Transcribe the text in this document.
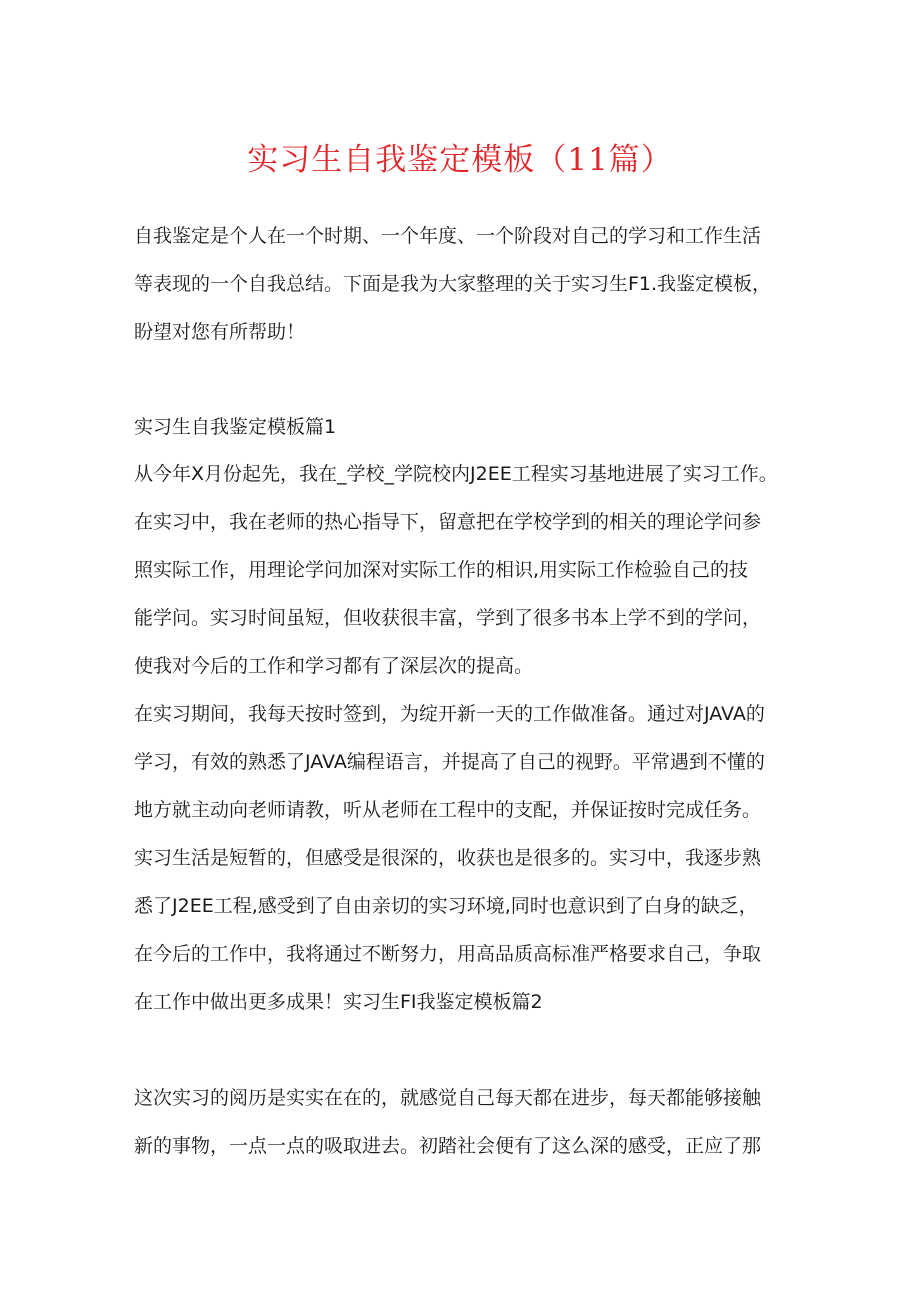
实习生自我鉴定模板（11篇）
自我鉴定是个人在一个时期、一个年度、一个阶段对自己的学习和工作生活
等表现的一个自我总结。下面是我为大家整理的关于实习生F1.我鉴定模板，
盼望对您有所帮助！
实习生自我鉴定模板篇1
从今年X月份起先，我在_学校_学院校内J2EE工程实习基地进展了实习工作。
在实习中，我在老师的热心指导下，留意把在学校学到的相关的理论学问参
照实际工作，用理论学问加深对实际工作的相识,用实际工作检验自己的技
能学问。实习时间虽短，但收获很丰富，学到了很多书本上学不到的学问，
使我对今后的工作和学习都有了深层次的提高。
在实习期间，我每天按时签到，为绽开新一天的工作做准备。通过对JAVA的
学习，有效的熟悉了JAVA编程语言，并提高了自己的视野。平常遇到不懂的
地方就主动向老师请教，听从老师在工程中的支配，并保证按时完成任务。
实习生活是短暂的，但感受是很深的，收获也是很多的。实习中，我逐步熟
悉了J2EE工程,感受到了自由亲切的实习环境,同时也意识到了白身的缺乏，
在今后的工作中，我将通过不断努力，用高品质高标准严格要求自己，争取
在工作中做出更多成果！实习生FI我鉴定模板篇2
这次实习的阅历是实实在在的，就感觉自己每天都在进步，每天都能够接触
新的事物，一点一点的吸取进去。初踏社会便有了这么深的感受，正应了那
